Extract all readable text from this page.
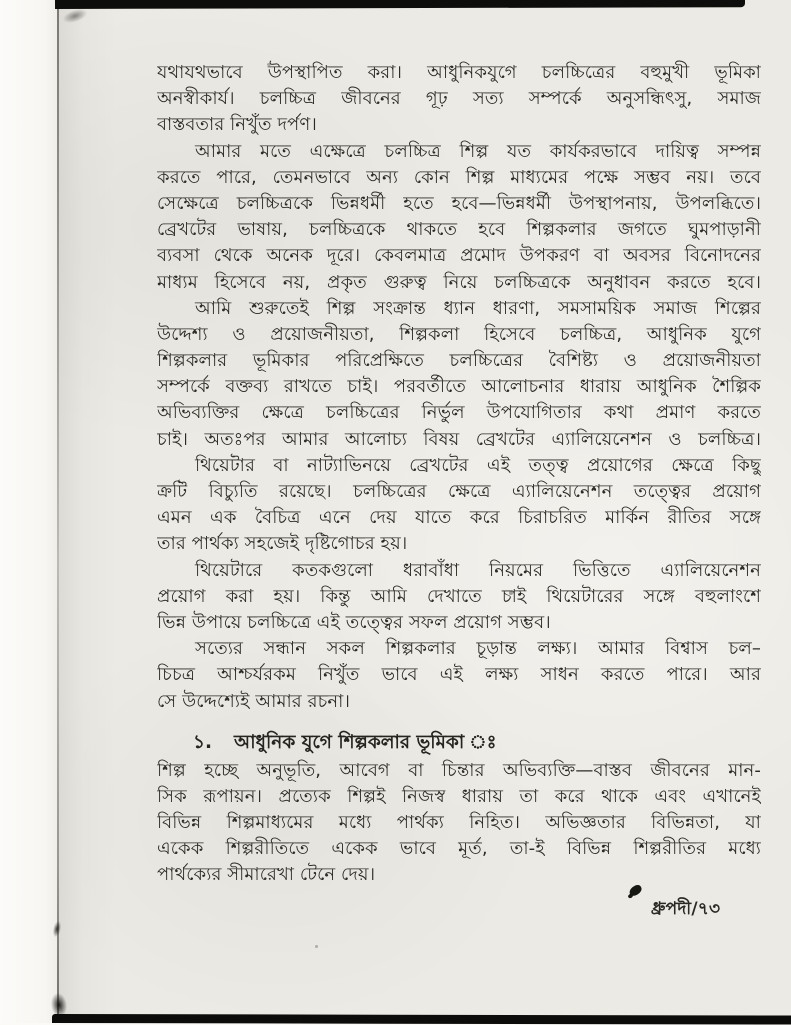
যথাযথভাবে উপস্থাপিত করা। আধুনিকযুগে চলচ্চিত্রের বহুমুখী ভূমিকা
অনস্বীকার্য। চলচ্চিত্র জীবনের গূঢ় সত্য সম্পর্কে অনুসন্ধিৎসু, সমাজ
বাস্তবতার নিখুঁত দর্পণ।
আমার মতে এক্ষেত্রে চলচ্চিত্র শিল্প যত কার্যকরভাবে দায়িত্ব সম্পন্ন
করতে পারে, তেমনভাবে অন্য কোন শিল্প মাধ্যমের পক্ষে সম্ভব নয়। তবে
সেক্ষেত্রে চলচ্চিত্রকে ভিন্নধর্মী হতে হবে—ভিন্নধর্মী উপস্থাপনায়, উপলব্ধিতে।
ব্রেখটের ভাষায়, চলচ্চিত্রকে থাকতে হবে শিল্পকলার জগতে ঘুমপাড়ানী
ব্যবসা থেকে অনেক দূরে। কেবলমাত্র প্রমোদ উপকরণ বা অবসর বিনোদনের
মাধ্যম হিসেবে নয়, প্রকৃত গুরুত্ব নিয়ে চলচ্চিত্রকে অনুধাবন করতে হবে।
আমি শুরুতেই শিল্প সংক্রান্ত ধ্যান ধারণা, সমসাময়িক সমাজ শিল্পের
উদ্দেশ্য ও প্রয়োজনীয়তা, শিল্পকলা হিসেবে চলচ্চিত্র, আধুনিক যুগে
শিল্পকলার ভূমিকার পরিপ্রেক্ষিতে চলচ্চিত্রের বৈশিষ্ট্য ও প্রয়োজনীয়তা
সম্পর্কে বক্তব্য রাখতে চাই। পরবর্তীতে আলোচনার ধারায় আধুনিক শৈল্পিক
অভিব্যক্তির ক্ষেত্রে চলচ্চিত্রের নির্ভুল উপযোগিতার কথা প্রমাণ করতে
চাই। অতঃপর আমার আলোচ্য বিষয় ব্রেখটের এ্যালিয়েনেশন ও চলচ্চিত্র।
থিয়েটার বা নাট্যাভিনয়ে ব্রেখটের এই তত্ত্ব প্রয়োগের ক্ষেত্রে কিছু
ক্রটি বিচ্যুতি রয়েছে। চলচ্চিত্রের ক্ষেত্রে এ্যালিয়েনেশন তত্ত্বের প্রয়োগ
এমন এক বৈচিত্র এনে দেয় যাতে করে চিরাচরিত মার্কিন রীতির সঙ্গে
তার পার্থক্য সহজেই দৃষ্টিগোচর হয়।
থিয়েটারে কতকগুলো ধরাবাঁধা নিয়মের ভিত্তিতে এ্যালিয়েনেশন
প্রয়োগ করা হয়। কিন্তু আমি দেখাতে চাই থিয়েটারের সঙ্গে বহুলাংশে
ভিন্ন উপায়ে চলচ্চিত্রে এই তত্ত্বের সফল প্রয়োগ সম্ভব।
সত্যের সন্ধান সকল শিল্পকলার চূড়ান্ত লক্ষ্য। আমার বিশ্বাস চল–
চিচত্র আশ্চর্যরকম নিখুঁত ভাবে এই লক্ষ্য সাধন করতে পারে। আর
সে উদ্দেশ্যেই আমার রচনা।
১. আধুনিক যুগে শিল্পকলার ভূমিকা ঃ
শিল্প হচ্ছে অনুভূতি, আবেগ বা চিন্তার অভিব্যক্তি—বাস্তব জীবনের মান-
সিক রূপায়ন। প্রত্যেক শিল্পই নিজস্ব ধারায় তা করে থাকে এবং এখানেই
বিভিন্ন শিল্পমাধ্যমের মধ্যে পার্থক্য নিহিত। অভিজ্ঞতার বিভিন্নতা, যা
একেক শিল্পরীতিতে একেক ভাবে মূর্ত, তা-ই বিভিন্ন শিল্পরীতির মধ্যে
পার্থক্যের সীমারেখা টেনে দেয়।
ধ্রুপদী/৭৩
